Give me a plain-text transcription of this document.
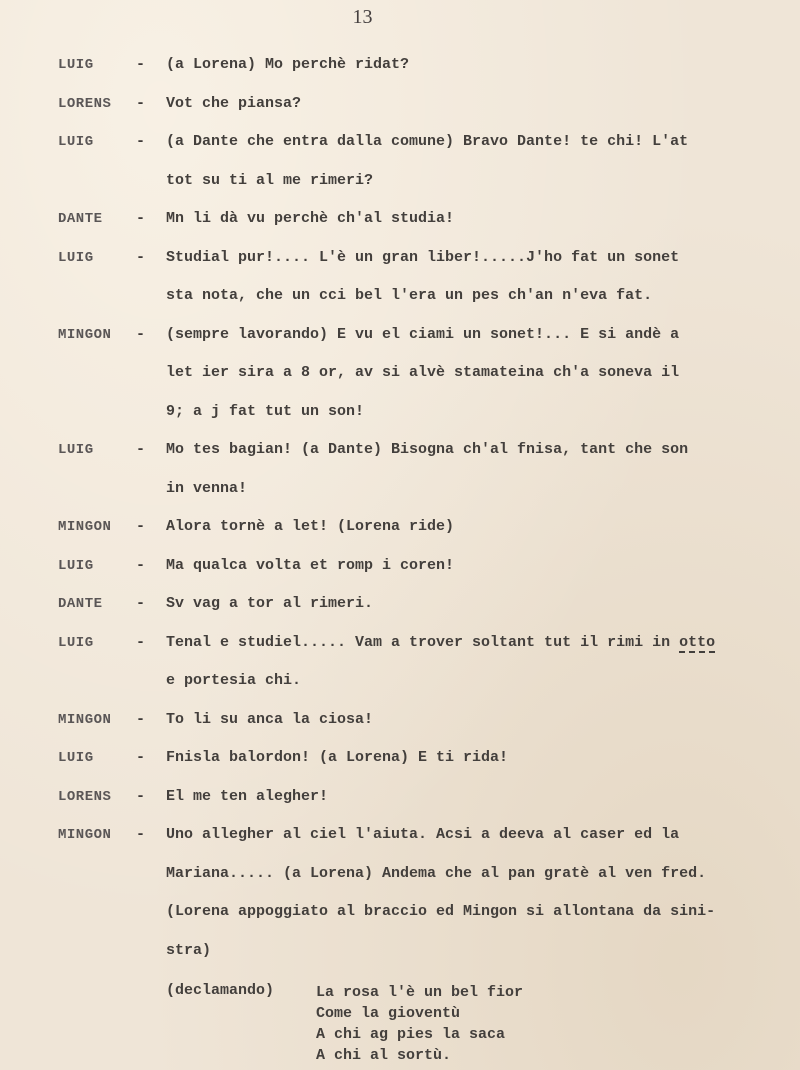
13
LUIG	- (a Lorena) Mo perchè ridat?
LORENS	- Vot che piansa?
LUIG	- (a Dante che entra dalla comune) Bravo Dante! te chi! L'at
tot su ti al me rimeri?
DANTE	- Mn li dà vu perchè ch'al studia!
LUIG	- Studial pur!.... L'è un gran liber!.....J'ho fat un sonet
sta nota, che un cci bel l'era un pes ch'an n'eva fat.
MINGON	- (sempre lavorando) E vu el ciami un sonet!... E si andè a
let ier sira a 8 or, av si alvè stamateina ch'a soneva il
9; a j fat tut un son!
LUIG	- Mo tes bagian! (a Dante) Bisogna ch'al fnisa, tant che son
in venna!
MINGON	- Alora tornè a let! (Lorena ride)
LUIG	- Ma qualca volta et romp i coren!
DANTE	- Sv vag a tor al rimeri.
LUIG	- Tenal e studiel..... Vam a trover soltant tut il rimi in otto
e portesia chi.
MINGON	- To li su anca la ciosa!
LUIG	- Fnisla balordon! (a Lorena) E ti rida!
LORENS	- El me ten alegher!
MINGON	- Uno allegher al ciel l'aiuta. Acsi a deeva al caser ed la
Mariana..... (a Lorena) Andema che al pan gratè al ven fred.
(Lorena appoggiato al braccio ed Mingon si allontana da sini-
stra)
(declamando)	La rosa l'è un bel fior
Come la gioventù
A chi ag pies la saca
A chi al sortù.
